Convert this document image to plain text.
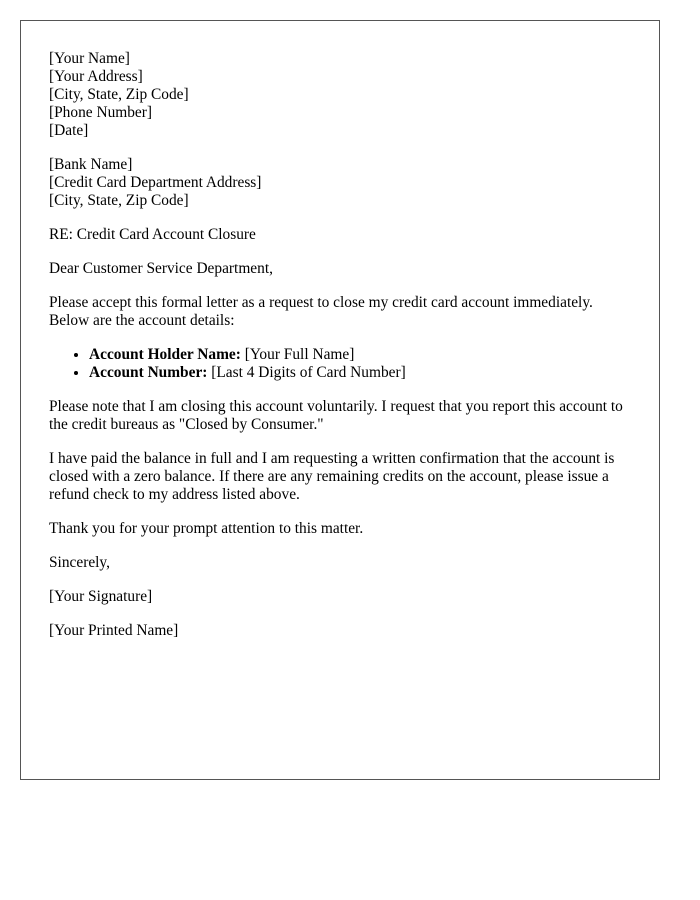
[Your Name]
[Your Address]
[City, State, Zip Code]
[Phone Number]
[Date]
[Bank Name]
[Credit Card Department Address]
[City, State, Zip Code]

RE: Credit Card Account Closure

Dear Customer Service Department,

Please accept this formal letter as a request to close my credit card account immediately. Below are the account details:

• Account Holder Name: [Your Full Name]
• Account Number: [Last 4 Digits of Card Number]

Please note that I am closing this account voluntarily. I request that you report this account to the credit bureaus as "Closed by Consumer."

I have paid the balance in full and I am requesting a written confirmation that the account is closed with a zero balance. If there are any remaining credits on the account, please issue a refund check to my address listed above.

Thank you for your prompt attention to this matter.

Sincerely,

[Your Signature]

[Your Printed Name]
